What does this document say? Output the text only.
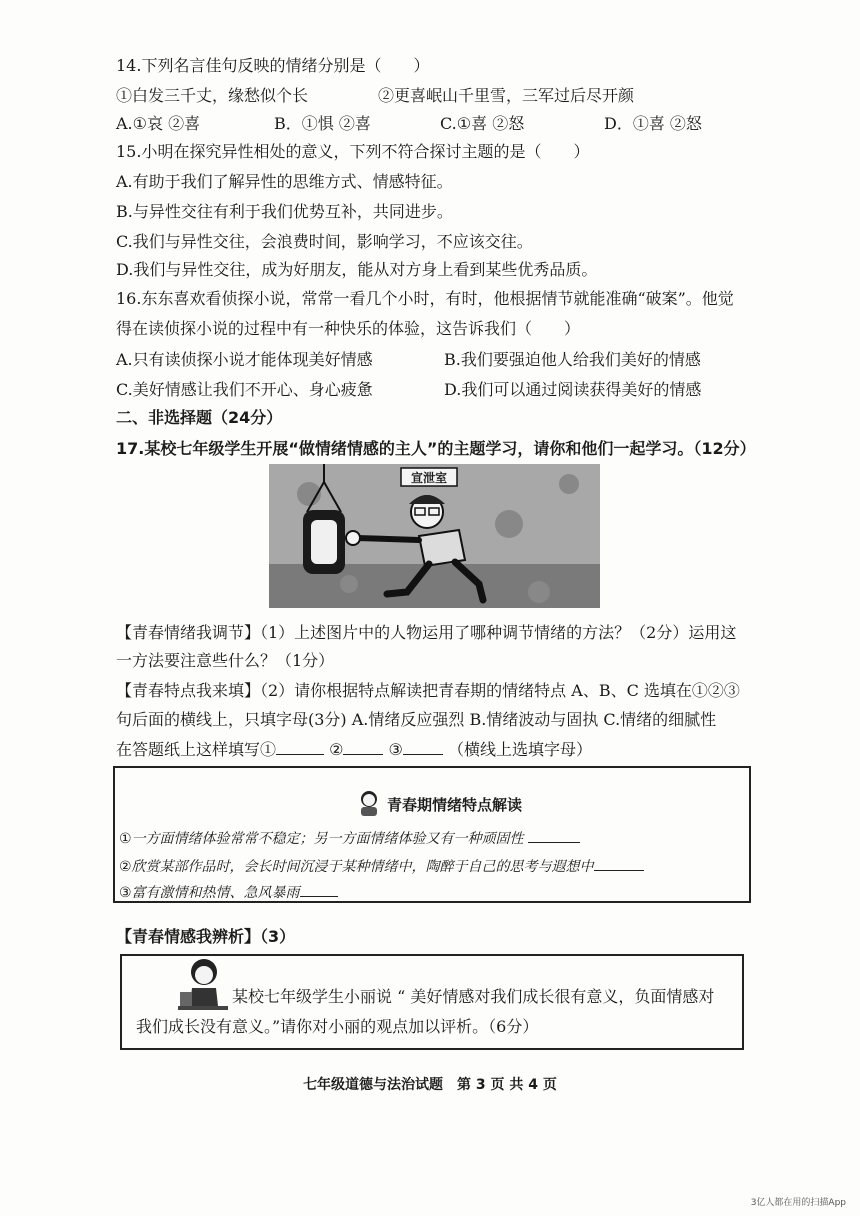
14.下列名言佳句反映的情绪分别是（　　）
①白发三千丈，缘愁似个长	②更喜岷山千里雪，三军过后尽开颜
A.①哀 ②喜	B．①惧 ②喜	C.①喜 ②怒	D．①喜 ②怒
15.小明在探究异性相处的意义，下列不符合探讨主题的是（　　）
A.有助于我们了解异性的思维方式、情感特征。
B.与异性交往有利于我们优势互补，共同进步。
C.我们与异性交往，会浪费时间，影响学习，不应该交往。
D.我们与异性交往，成为好朋友，能从对方身上看到某些优秀品质。
16.东东喜欢看侦探小说，常常一看几个小时，有时，他根据情节就能准确“破案”。他觉
得在读侦探小说的过程中有一种快乐的体验，这告诉我们（　　）
A.只有读侦探小说才能体现美好情感	B.我们要强迫他人给我们美好的情感
C.美好情感让我们不开心、身心疲惫	D.我们可以通过阅读获得美好的情感
二、非选择题（24分）
17.某校七年级学生开展“做情绪情感的主人”的主题学习，请你和他们一起学习。（12分）
宣泄室
【青春情绪我调节】（1）上述图片中的人物运用了哪种调节情绪的方法？（2分）运用这
一方法要注意些什么？（1分）
【青春特点我来填】（2）请你根据特点解读把青春期的情绪特点 A、B、C 选填在①②③
句后面的横线上，只填字母(3分) A.情绪反应强烈 B.情绪波动与固执 C.情绪的细腻性
在答题纸上这样填写①	②	③	（横线上选填字母）
青春期情绪特点解读
①一方面情绪体验常常不稳定；另一方面情绪体验又有一种顽固性
②欣赏某部作品时，会长时间沉浸于某种情绪中，陶醉于自己的思考与遐想中
③富有激情和热情、急风暴雨
【青春情感我辨析】（3）
某校七年级学生小丽说 “ 美好情感对我们成长很有意义，负面情感对
我们成长没有意义。”请你对小丽的观点加以评析。（6分）
七年级道德与法治试题　第 3 页 共 4 页
3亿人都在用的扫描App
